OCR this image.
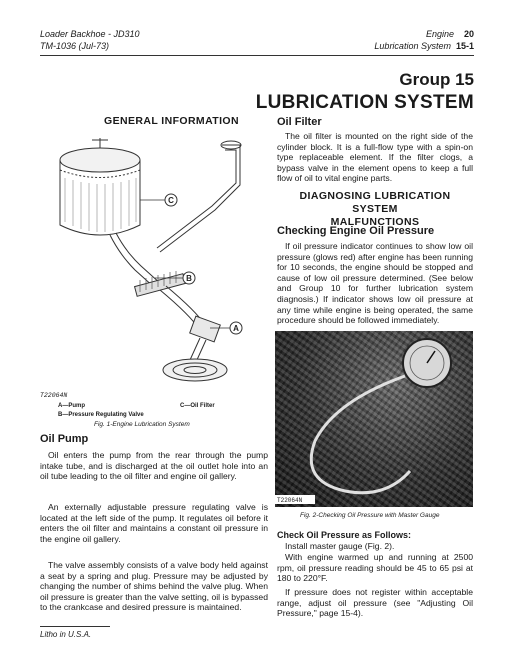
Loader Backhoe - JD310
TM-1036 (Jul-73)
Engine 20
Lubrication System 15-1
Group 15
LUBRICATION SYSTEM
GENERAL INFORMATION
C
B
A
T22064N
A—Pump
B—Pressure Regulating Valve
C—Oil Filter
Fig. 1-Engine Lubrication System
Oil Pump
Oil enters the pump from the rear through the pump intake tube, and is discharged at the oil outlet hole into an oil tube leading to the oil filter and engine oil gallery.
An externally adjustable pressure regulating valve is located at the left side of the pump. It regulates oil before it enters the oil filter and maintains a constant oil pressure in the engine oil gallery.
The valve assembly consists of a valve body held against a seat by a spring and plug. Pressure may be adjusted by changing the number of shims behind the valve plug. When oil pressure is greater than the valve setting, oil is bypassed to the crankcase and desired pressure is maintained.
Litho in U.S.A.
Oil Filter
The oil filter is mounted on the right side of the cylinder block. It is a full-flow type with a spin-on type replaceable element. If the filter clogs, a bypass valve in the element opens to keep a full flow of oil to vital engine parts.
DIAGNOSING LUBRICATION SYSTEM
MALFUNCTIONS
Checking Engine Oil Pressure
If oil pressure indicator continues to show low oil pressure (glows red) after engine has been running for 10 seconds, the engine should be stopped and cause of low oil pressure determined. (See below and Group 10 for further lubrication system diagnosis.) If indicator shows low oil pressure at any time while engine is being operated, the same procedure should be followed immediately.
T22064N
Fig. 2-Checking Oil Pressure with Master Gauge
Check Oil Pressure as Follows:
Install master gauge (Fig. 2).
With engine warmed up and running at 2500 rpm, oil pressure reading should be 45 to 65 psi at 180 to 220°F.
If pressure does not register within acceptable range, adjust oil pressure (see "Adjusting Oil Pressure," page 15-4).
